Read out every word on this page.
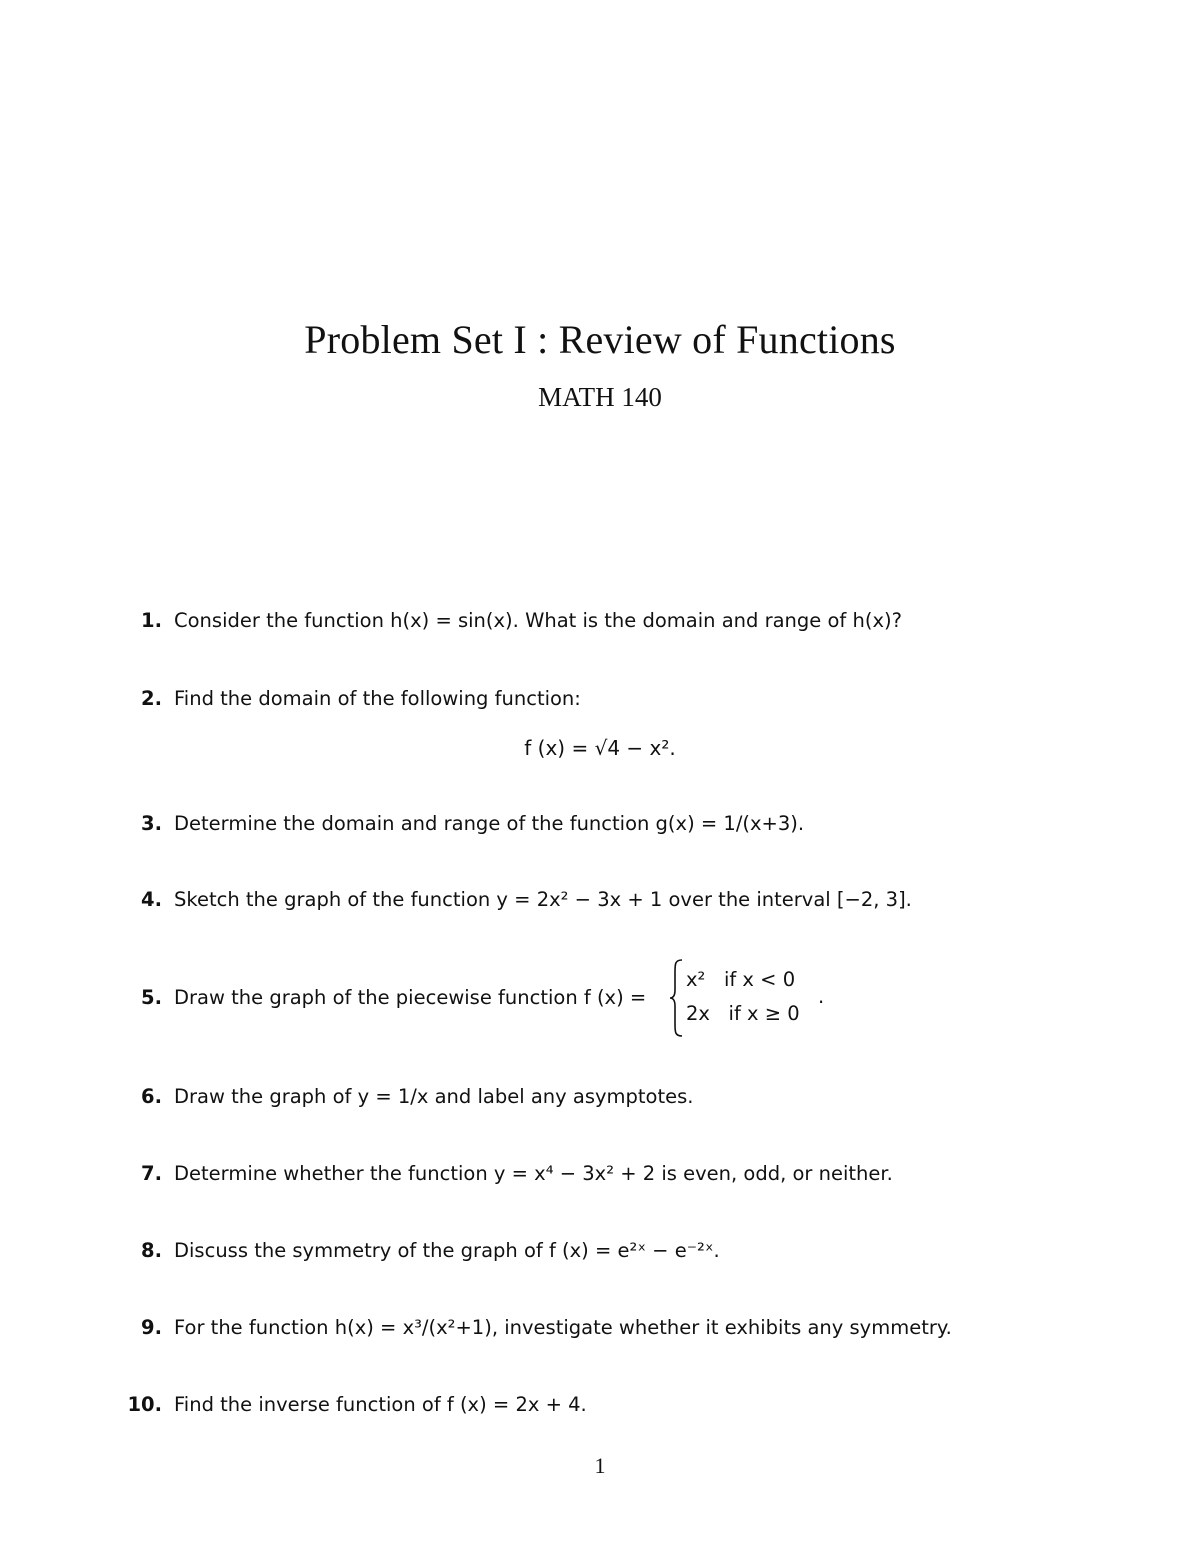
Problem Set I : Review of Functions
MATH 140
1. Consider the function h(x) = sin(x). What is the domain and range of h(x)?
2. Find the domain of the following function:
f (x) = √4 − x².
3. Determine the domain and range of the function g(x) = 1/(x+3).
4. Sketch the graph of the function y = 2x² − 3x + 1 over the interval [−2, 3].
5. Draw the graph of the piecewise function f (x) =
x²   if x < 0
2x   if x ≥ 0
.
6. Draw the graph of y = 1/x and label any asymptotes.
7. Determine whether the function y = x⁴ − 3x² + 2 is even, odd, or neither.
8. Discuss the symmetry of the graph of f (x) = e²ˣ − e⁻²ˣ.
9. For the function h(x) = x³/(x²+1), investigate whether it exhibits any symmetry.
10. Find the inverse function of f (x) = 2x + 4.
1
